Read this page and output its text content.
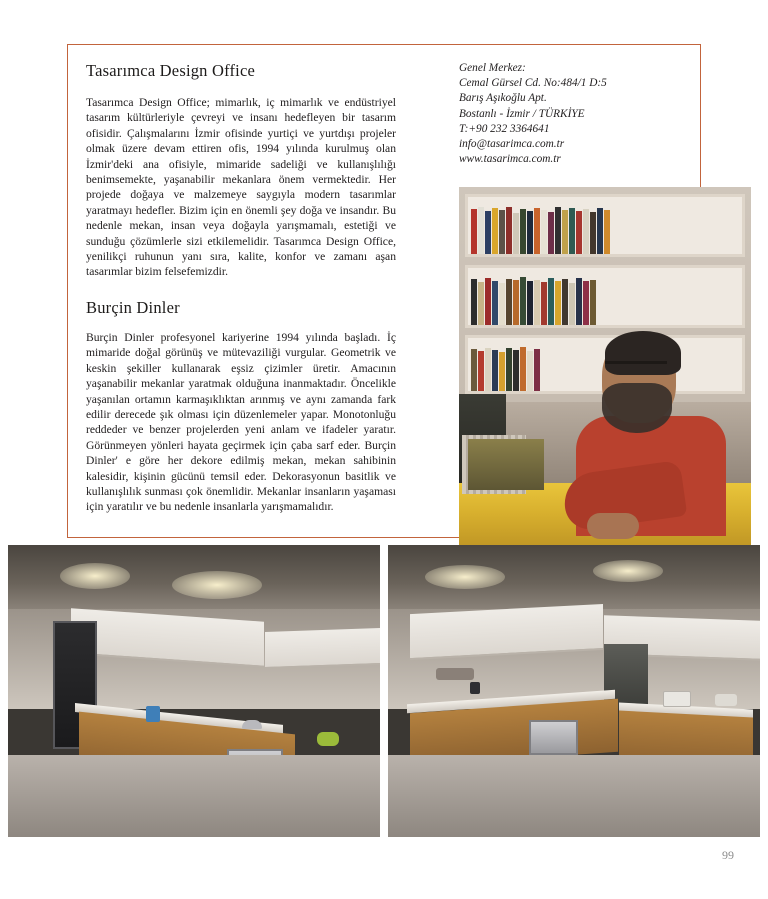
Tasarımca Design Office

Tasarımca Design Office; mimarlık, iç mimarlık ve endüstriyel tasarım kültürleriyle çevreyi ve insanı hedefleyen bir tasarım ofisidir. Çalışmalarını İzmir ofisinde yurtiçi ve yurtdışı projeler olmak üzere devam ettiren ofis, 1994 yılında kurulmuş olan İzmir'deki ana ofisiyle, mimaride sadeliği ve kullanışlılığı benimsemekte, yaşanabilir mekanlara önem vermektedir. Her projede doğaya ve malzemeye saygıyla modern tasarımlar yaratmayı hedefler. Bizim için en önemli şey doğa ve insandır. Bu nedenle mekan, insan veya doğayla yarışmamalı, estetiği ve sunduğu çözümlerle sizi etkilemelidir. Tasarımca Design Office, yenilikçi ruhunun yanı sıra, kalite, konfor ve zamanı aşan tasarımlar bizim felsefemizdir.

Burçin Dinler

Burçin Dinler profesyonel kariyerine 1994 yılında başladı. İç mimaride doğal görünüş ve mütevaziliği vurgular. Geometrik ve keskin şekiller kullanarak eşsiz çizimler üretir. Amacının yaşanabilir mekanlar yaratmak olduğuna inanmaktadır. Öncelikle yaşanılan ortamın karmaşıklıktan arınmış ve aynı zamanda fark edilir derecede şık olması için düzenlemeler yapar. Monotonluğu reddeder ve benzer projelerden yeni anlam ve ifadeler yaratır. Görünmeyen yönleri hayata geçirmek için çaba sarf eder. Burçin Dinler' e göre her dekore edilmiş mekan, mekan sahibinin kalesidir, kişinin gücünü temsil eder. Dekorasyonun basitlik ve kullanışlılık sunması çok önemlidir. Mekanlar insanların yaşaması için yaratılır ve bu nedenle insanlarla yarışmamalıdır.

Genel Merkez:
Cemal Gürsel Cd. No:484/1 D:5
Barış Aşıkoğlu Apt.
Bostanlı - İzmir / TÜRKİYE
T:+90 232 3364641
info@tasarimca.com.tr
www.tasarimca.com.tr
99
